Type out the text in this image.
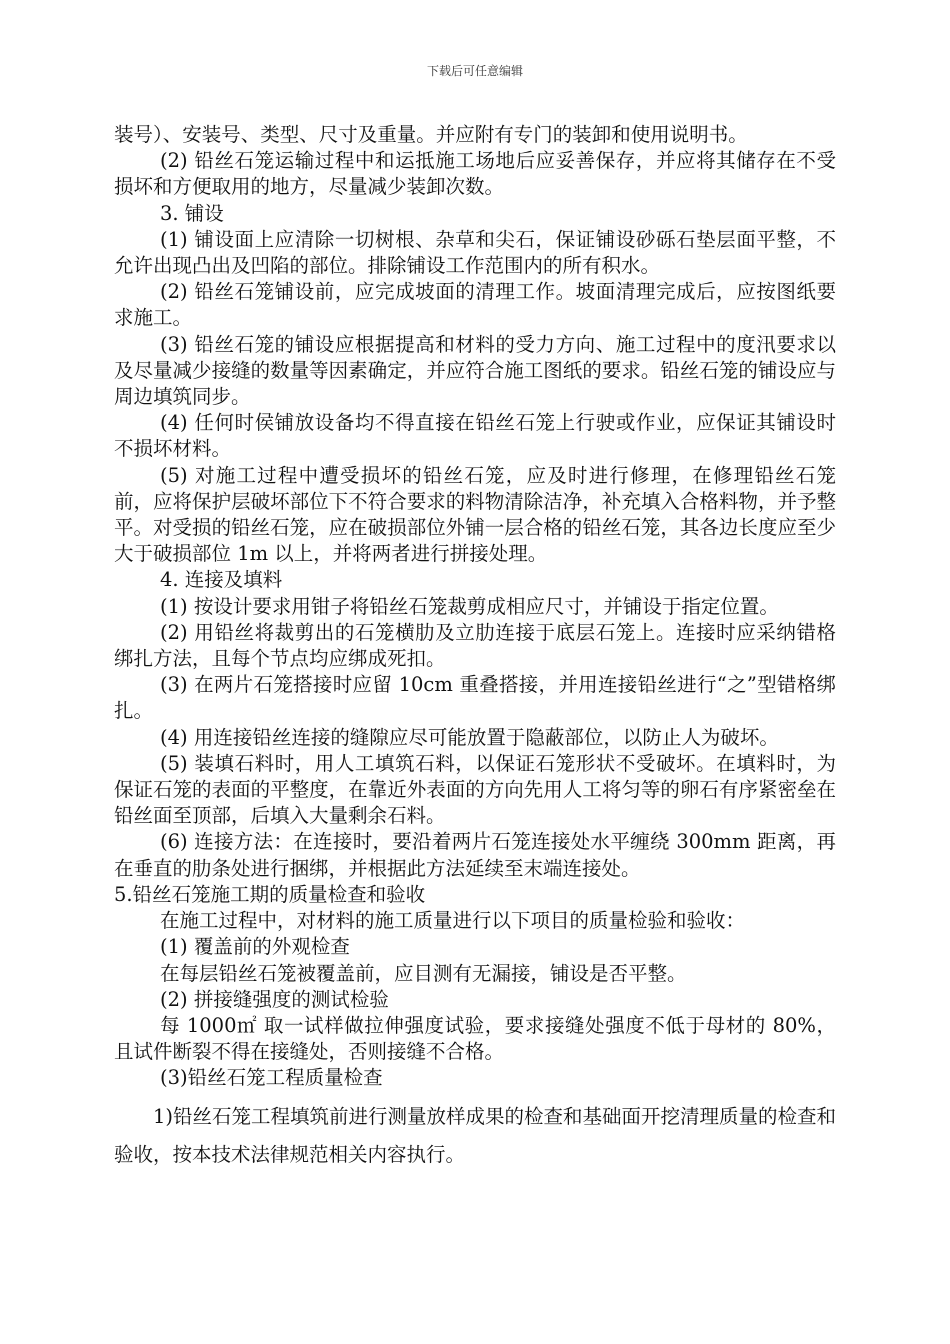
下载后可任意编辑

装号）、安装号、类型、尺寸及重量。并应附有专门的装卸和使用说明书。

(2) 铅丝石笼运输过程中和运抵施工场地后应妥善保存，并应将其储存在不受损坏和方便取用的地方，尽量减少装卸次数。

3. 铺设

(1) 铺设面上应清除一切树根、杂草和尖石，保证铺设砂砾石垫层面平整，不允许出现凸出及凹陷的部位。排除铺设工作范围内的所有积水。

(2) 铅丝石笼铺设前，应完成坡面的清理工作。坡面清理完成后，应按图纸要求施工。

(3) 铅丝石笼的铺设应根据提高和材料的受力方向、施工过程中的度汛要求以及尽量减少接缝的数量等因素确定，并应符合施工图纸的要求。铅丝石笼的铺设应与周边填筑同步。

(4) 任何时侯铺放设备均不得直接在铅丝石笼上行驶或作业，应保证其铺设时不损坏材料。

(5) 对施工过程中遭受损坏的铅丝石笼，应及时进行修理，在修理铅丝石笼前，应将保护层破坏部位下不符合要求的料物清除洁净，补充填入合格料物，并予整平。对受损的铅丝石笼，应在破损部位外铺一层合格的铅丝石笼，其各边长度应至少大于破损部位 1m 以上，并将两者进行拼接处理。

4. 连接及填料

(1) 按设计要求用钳子将铅丝石笼裁剪成相应尺寸，并铺设于指定位置。

(2) 用铅丝将裁剪出的石笼横肋及立肋连接于底层石笼上。连接时应采纳错格绑扎方法，且每个节点均应绑成死扣。

(3) 在两片石笼搭接时应留 10cm 重叠搭接，并用连接铅丝进行“之”型错格绑扎。

(4) 用连接铅丝连接的缝隙应尽可能放置于隐蔽部位，以防止人为破坏。

(5) 装填石料时，用人工填筑石料，以保证石笼形状不受破坏。在填料时，为保证石笼的表面的平整度，在靠近外表面的方向先用人工将匀等的卵石有序紧密垒在铅丝面至顶部，后填入大量剩余石料。

(6) 连接方法：在连接时，要沿着两片石笼连接处水平缠绕 300mm 距离，再在垂直的肋条处进行捆绑，并根据此方法延续至末端连接处。

5.铅丝石笼施工期的质量检查和验收

在施工过程中，对材料的施工质量进行以下项目的质量检验和验收：

(1) 覆盖前的外观检查

在每层铅丝石笼被覆盖前，应目测有无漏接，铺设是否平整。

(2) 拼接缝强度的测试检验

每 1000㎡ 取一试样做拉伸强度试验，要求接缝处强度不低于母材的 80%，且试件断裂不得在接缝处，否则接缝不合格。

(3)铅丝石笼工程质量检查

1)铅丝石笼工程填筑前进行测量放样成果的检查和基础面开挖清理质量的检查和验收，按本技术法律规范相关内容执行。
